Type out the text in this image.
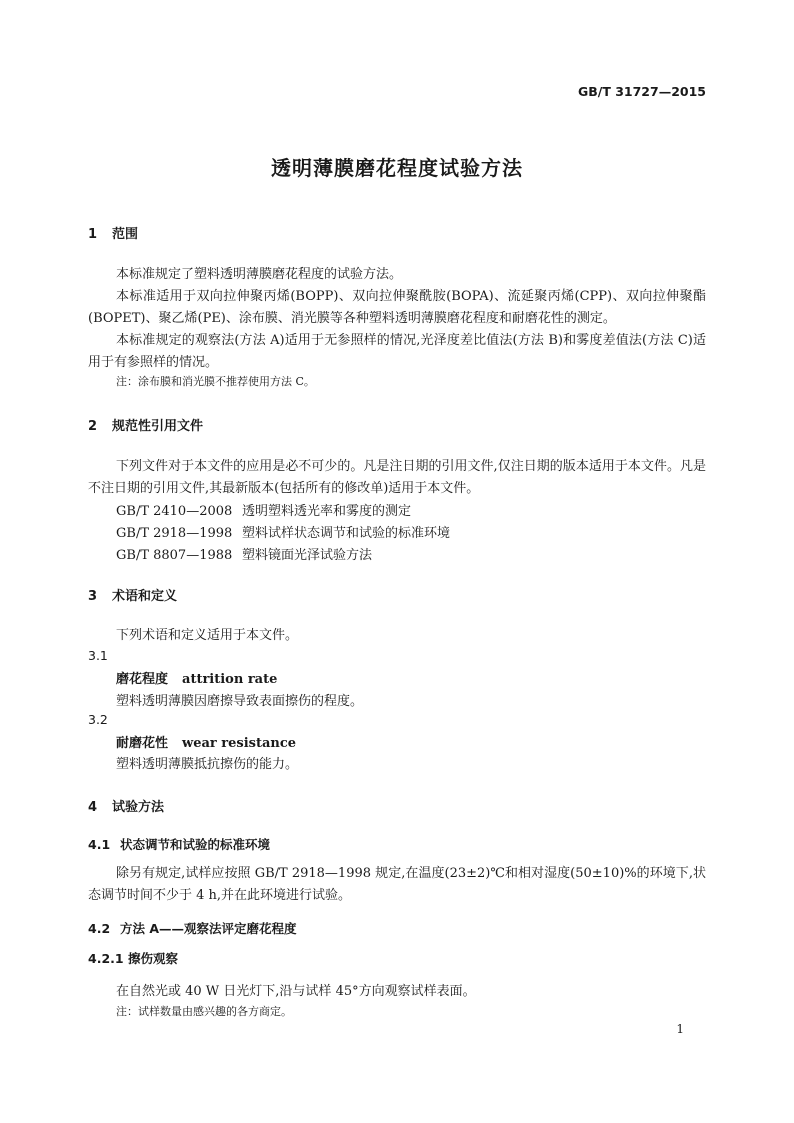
GB/T 31727—2015
透明薄膜磨花程度试验方法
1 范围
本标准规定了塑料透明薄膜磨花程度的试验方法。
本标准适用于双向拉伸聚丙烯(BOPP)、双向拉伸聚酰胺(BOPA)、流延聚丙烯(CPP)、双向拉伸聚酯(BOPET)、聚乙烯(PE)、涂布膜、消光膜等各种塑料透明薄膜磨花程度和耐磨花性的测定。
本标准规定的观察法(方法 A)适用于无参照样的情况,光泽度差比值法(方法 B)和雾度差值法(方法 C)适用于有参照样的情况。
注：涂布膜和消光膜不推荐使用方法 C。
2 规范性引用文件
下列文件对于本文件的应用是必不可少的。凡是注日期的引用文件,仅注日期的版本适用于本文件。凡是不注日期的引用文件,其最新版本(包括所有的修改单)适用于本文件。
GB/T 2410—2008 透明塑料透光率和雾度的测定
GB/T 2918—1998 塑料试样状态调节和试验的标准环境
GB/T 8807—1988 塑料镜面光泽试验方法
3 术语和定义
下列术语和定义适用于本文件。
3.1
磨花程度 attrition rate
塑料透明薄膜因磨擦导致表面擦伤的程度。
3.2
耐磨花性 wear resistance
塑料透明薄膜抵抗擦伤的能力。
4 试验方法
4.1 状态调节和试验的标准环境
除另有规定,试样应按照 GB/T 2918—1998 规定,在温度(23±2)℃和相对湿度(50±10)%的环境下,状态调节时间不少于 4 h,并在此环境进行试验。
4.2 方法 A——观察法评定磨花程度
4.2.1 擦伤观察
在自然光或 40 W 日光灯下,沿与试样 45°方向观察试样表面。
注：试样数量由感兴趣的各方商定。
1
